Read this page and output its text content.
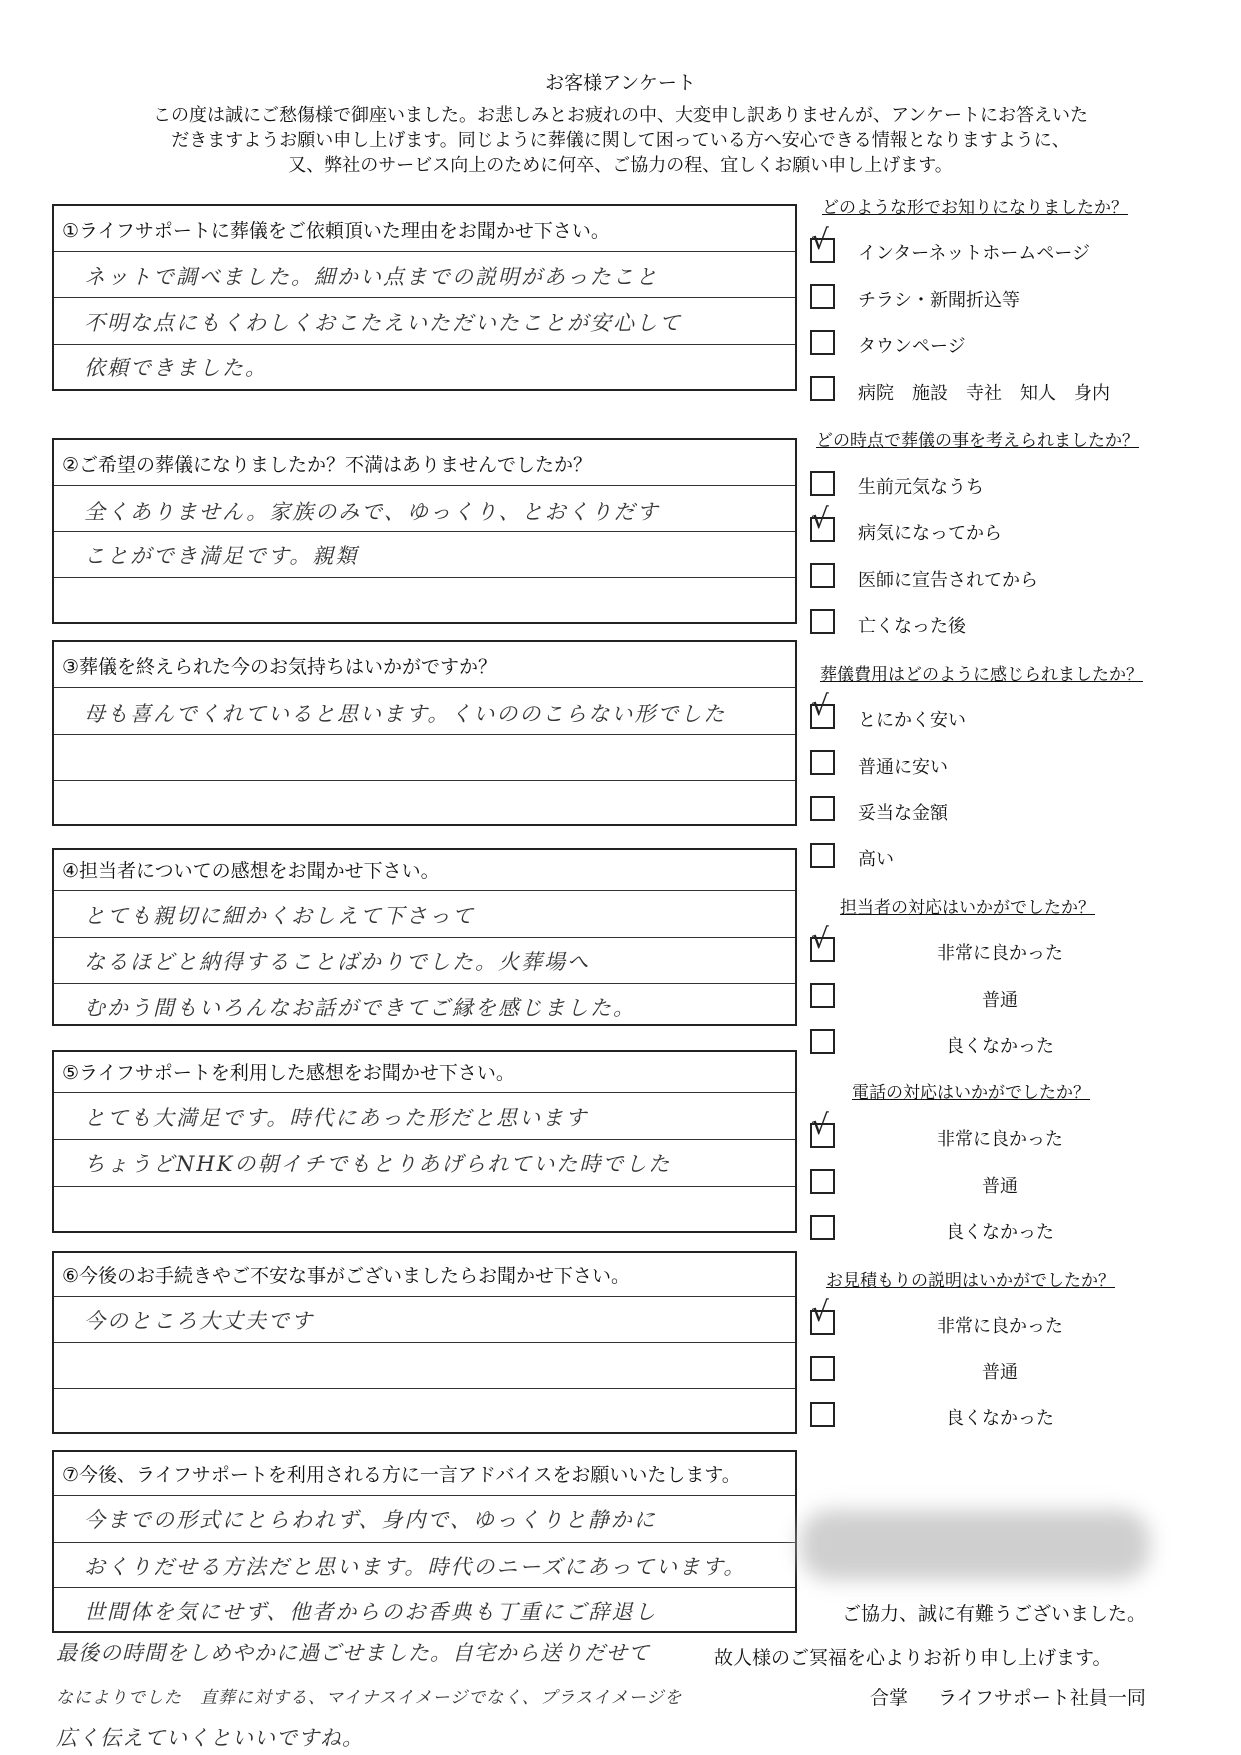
お客様アンケート
この度は誠にご愁傷様で御座いました。お悲しみとお疲れの中、大変申し訳ありませんが、アンケートにお答えいた
だきますようお願い申し上げます。同じように葬儀に関して困っている方へ安心できる情報となりますように、
又、弊社のサービス向上のために何卒、ご協力の程、宜しくお願い申し上げます。
①ライフサポートに葬儀をご依頼頂いた理由をお聞かせ下さい。
ネットで調べました。細かい点までの説明があったこと
不明な点にもくわしくおこたえいただいたことが安心して
依頼できました。
②ご希望の葬儀になりましたか？不満はありませんでしたか？
全くありません。家族のみで、ゆっくり、とおくりだす
ことができ満足です。親類
③葬儀を終えられた今のお気持ちはいかがですか？
母も喜んでくれていると思います。くいののこらない形でした
④担当者についての感想をお聞かせ下さい。
とても親切に細かくおしえて下さって
なるほどと納得することばかりでした。火葬場へ
むかう間もいろんなお話ができてご縁を感じました。
⑤ライフサポートを利用した感想をお聞かせ下さい。
とても大満足です。時代にあった形だと思います
ちょうどNHKの朝イチでもとりあげられていた時でした
⑥今後のお手続きやご不安な事がございましたらお聞かせ下さい。
今のところ大丈夫です
⑦今後、ライフサポートを利用される方に一言アドバイスをお願いいたします。
今までの形式にとらわれず、身内で、ゆっくりと静かに
おくりだせる方法だと思います。時代のニーズにあっています。
世間体を気にせず、他者からのお香典も丁重にご辞退し
最後の時間をしめやかに過ごせました。自宅から送りだせて
なによりでした　直葬に対する、マイナスイメージでなく、プラスイメージを
広く伝えていくといいですね。
どのような形でお知りになりましたか？
√ インターネットホームページ
チラシ・新聞折込等
タウンページ
病院　施設　寺社　知人　身内
どの時点で葬儀の事を考えられましたか？
生前元気なうち
√ 病気になってから
医師に宣告されてから
亡くなった後
葬儀費用はどのように感じられましたか？
√ とにかく安い
普通に安い
妥当な金額
高い
担当者の対応はいかがでしたか？
√	非常に良かった
普通
良くなかった
電話の対応はいかがでしたか？
√	非常に良かった
普通
良くなかった
お見積もりの説明はいかがでしたか？
√	非常に良かった
普通
良くなかった
ご協力、誠に有難うございました。
故人様のご冥福を心よりお祈り申し上げます。
合掌 ライフサポート社員一同
